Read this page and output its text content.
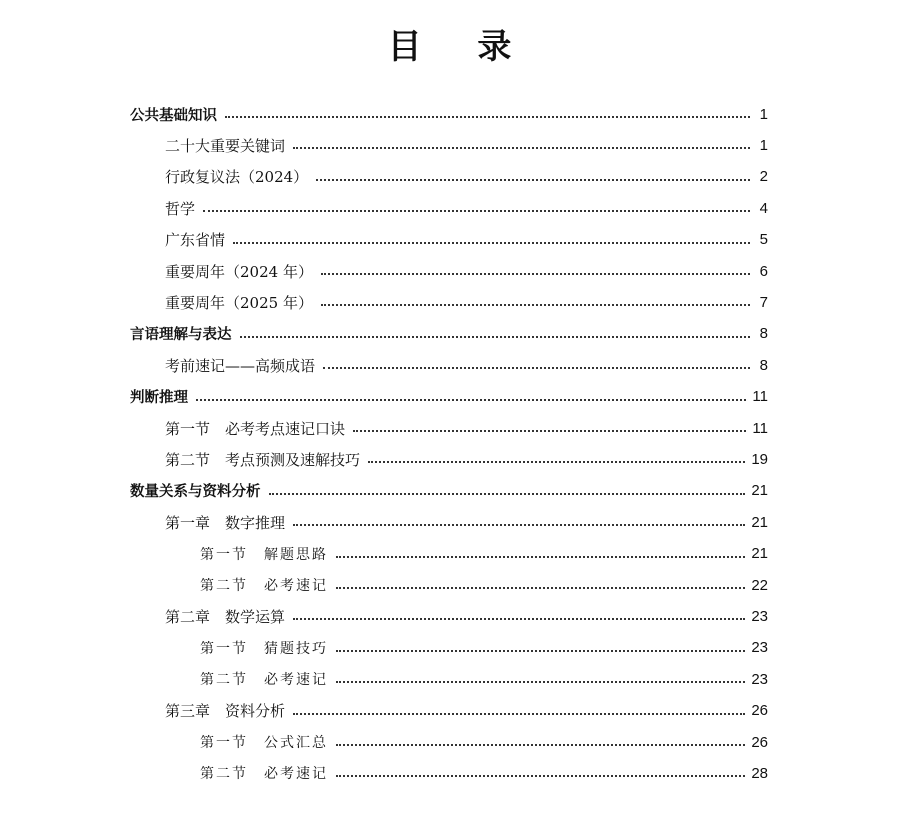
目 录
公共基础知识	1
二十大重要关键词	1
行政复议法（2024）	2
哲学	4
广东省情	5
重要周年（2024 年）	6
重要周年（2025 年）	7
言语理解与表达	8
考前速记——高频成语	8
判断推理	11
第一节　必考考点速记口诀	11
第二节　考点预测及速解技巧	19
数量关系与资料分析	21
第一章　数字推理	21
第一节　解题思路	21
第二节　必考速记	22
第二章　数学运算	23
第一节　猜题技巧	23
第二节　必考速记	23
第三章　资料分析	26
第一节　公式汇总	26
第二节　必考速记	28
